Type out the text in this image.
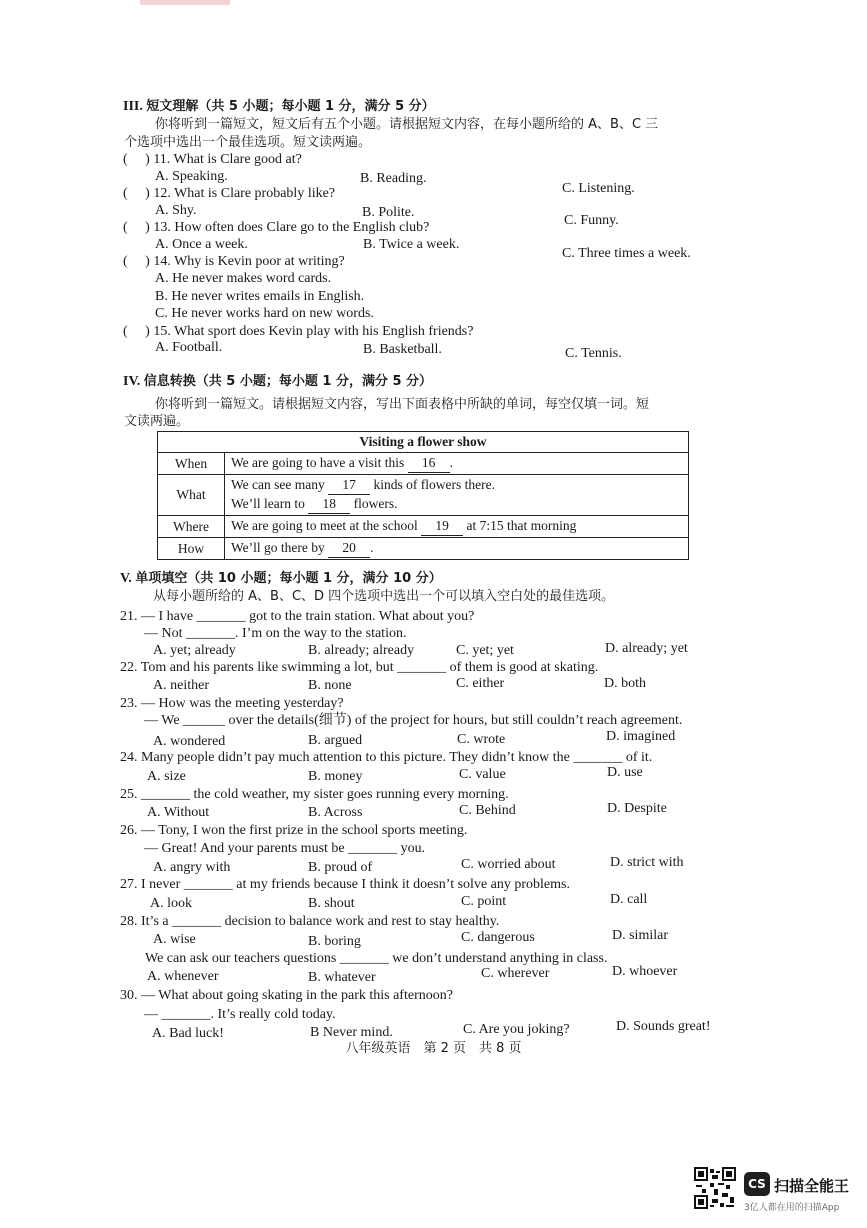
III. 短文理解（共 5 小题；每小题 1 分，满分 5 分）
你将听到一篇短文，短文后有五个小题。请根据短文内容，在每小题所给的 A、B、C 三
个选项中选出一个最佳选项。短文读两遍。
(     ) 11. What is Clare good at?
A. Speaking.	B. Reading.
C. Listening.
(     ) 12. What is Clare probably like?
A. Shy.	B. Polite.
C. Funny.
(     ) 13. How often does Clare go to the English club?
A. Once a week.	B. Twice a week.
C. Three times a week.
(     ) 14. Why is Kevin poor at writing?
A. He never makes word cards.
B. He never writes emails in English.
C. He never works hard on new words.
(     ) 15. What sport does Kevin play with his English friends?
A. Football.	B. Basketball.	C. Tennis.
IV. 信息转换（共 5 小题；每小题 1 分，满分 5 分）
你将听到一篇短文。请根据短文内容，写出下面表格中所缺的单词，每空仅填一词。短
文读两遍。
Visiting a flower show	
When	We are going to have a visit this 16 .
What	We can see many 17 kinds of flowers there.
We’ll learn to 18 flowers.

Where	We are going to meet at the school 19 at 7:15 that morning
How	We’ll go there by 20 .
V. 单项填空（共 10 小题；每小题 1 分，满分 10 分）
从每小题所给的 A、B、C、D 四个选项中选出一个可以填入空白处的最佳选项。
21. — I have _______ got to the train station. What about you?
— Not _______. I’m on the way to the station.
A. yet; already	B. already; already	C. yet; yet	D. already; yet
22. Tom and his parents like swimming a lot, but _______ of them is good at skating.
A. neither	B. none	C. either	D. both
23. — How was the meeting yesterday?
— We ______ over the details(细节) of the project for hours, but still couldn’t reach agreement.
A. wondered	B. argued	C. wrote	D. imagined
24. Many people didn’t pay much attention to this picture. They didn’t know the _______ of it.
A. size	B. money	C. value	D. use
25. _______ the cold weather, my sister goes running every morning.
A. Without	B. Across	C. Behind	D. Despite
26. — Tony, I won the first prize in the school sports meeting.
— Great! And your parents must be _______ you.
A. angry with	B. proud of	C. worried about	D. strict with
27. I never _______ at my friends because I think it doesn’t solve any problems.
A. look	B. shout	C. point	D. call
28. It’s a _______ decision to balance work and rest to stay healthy.
A. wise	B. boring	C. dangerous	D. similar
We can ask our teachers questions _______ we don’t understand anything in class.
A. whenever	B. whatever	C. wherever	D. whoever
30. — What about going skating in the park this afternoon?
— _______. It’s really cold today.
A. Bad luck!	B Never mind.	C. Are you joking?	D. Sounds great!
八年级英语　第 2 页　共 8 页
CS 扫描全能王
3亿人都在用的扫描App
